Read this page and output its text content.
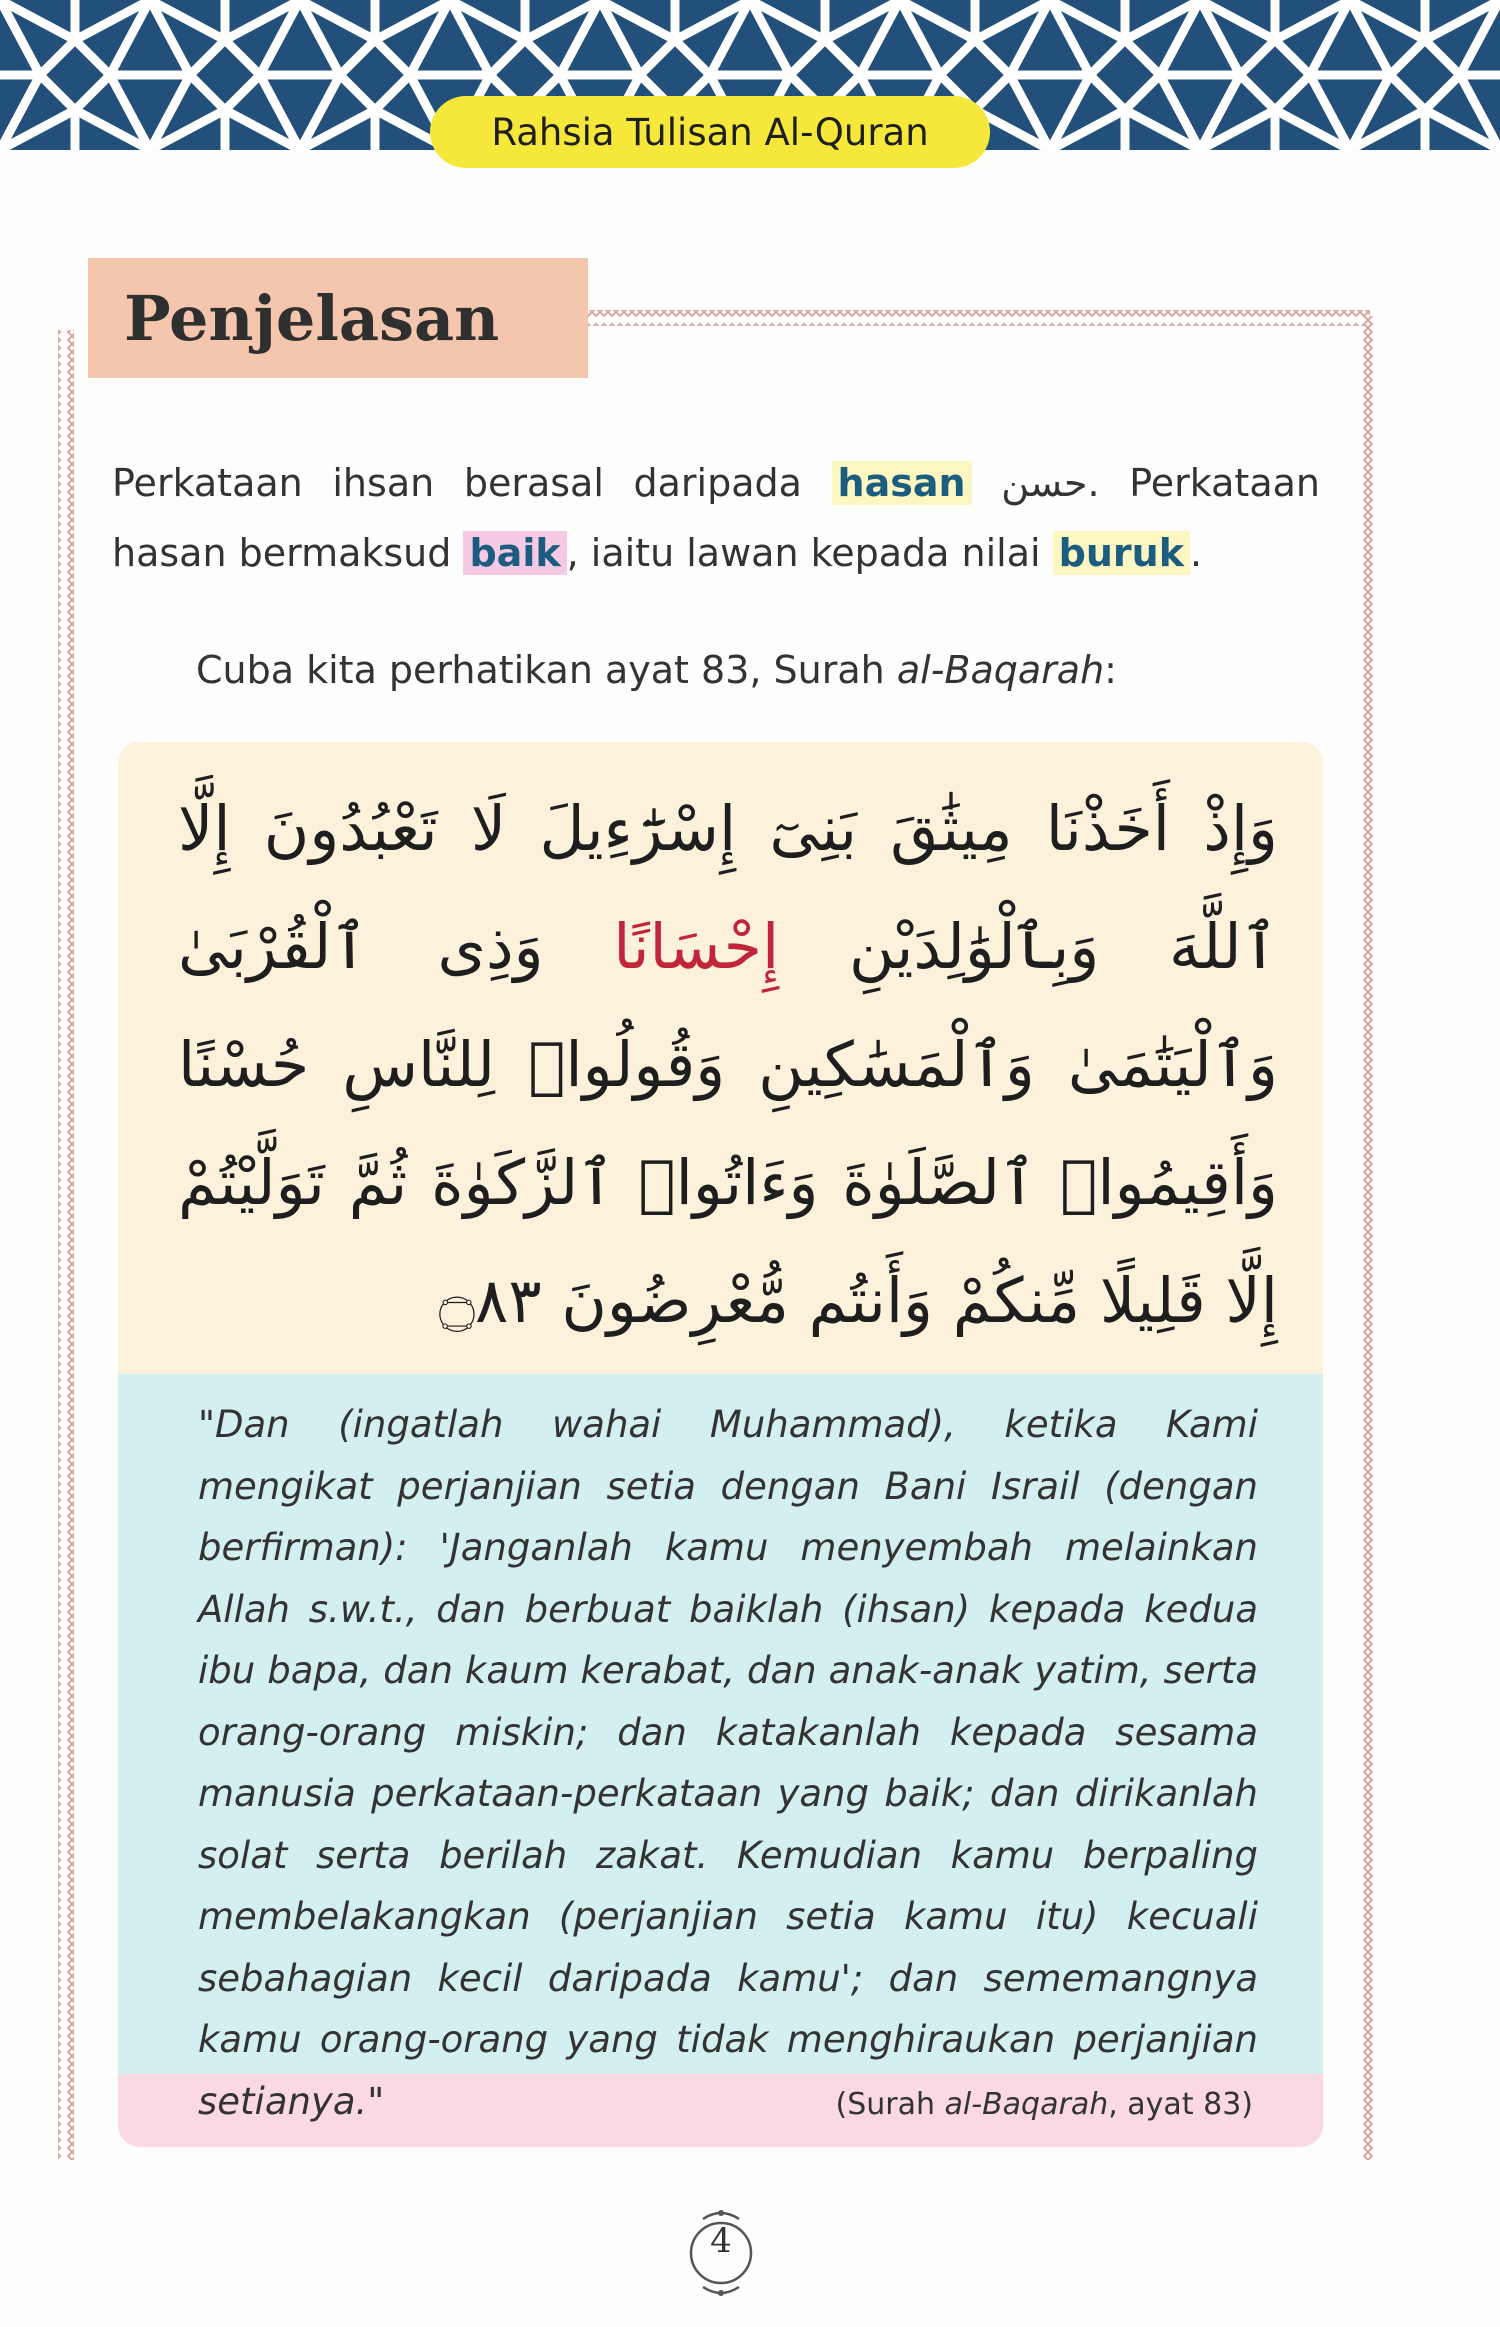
Rahsia Tulisan Al-Quran
Penjelasan
Perkataan ihsan berasal daripada hasan حسن. Perkataan hasan bermaksud baik , iaitu lawan kepada nilai buruk .
Cuba kita perhatikan ayat 83, Surah al-Baqarah:
وَإِذْ أَخَذْنَا مِيثَٰقَ بَنِىٓ إِسْرَٰٓءِيلَ لَا تَعْبُدُونَ إِلَّا ٱللَّهَ وَبِٱلْوَٰلِدَيْنِ إِحْسَانًا وَذِى ٱلْقُرْبَىٰ وَٱلْيَتَٰمَىٰ وَٱلْمَسَٰكِينِ وَقُولُوا۟ لِلنَّاسِ حُسْنًا وَأَقِيمُوا۟ ٱلصَّلَوٰةَ وَءَاتُوا۟ ٱلزَّكَوٰةَ ثُمَّ تَوَلَّيْتُمْ إِلَّا قَلِيلًا مِّنكُمْ وَأَنتُم مُّعْرِضُونَ ۝٨٣
"Dan (ingatlah wahai Muhammad), ketika Kami mengikat perjanjian setia dengan Bani Israil (dengan berfirman): 'Janganlah kamu menyembah melainkan Allah s.w.t., dan berbuat baiklah (ihsan) kepada kedua ibu bapa, dan kaum kerabat, dan anak-anak yatim, serta orang-orang miskin; dan katakanlah kepada sesama manusia perkataan-perkataan yang baik; dan dirikanlah solat serta berilah zakat. Kemudian kamu berpaling membelakangkan (perjanjian setia kamu itu) kecuali sebahagian kecil daripada kamu'; dan sememangnya kamu orang-orang yang tidak menghiraukan perjanjian setianya."	(Surah al-Baqarah, ayat 83)
4
